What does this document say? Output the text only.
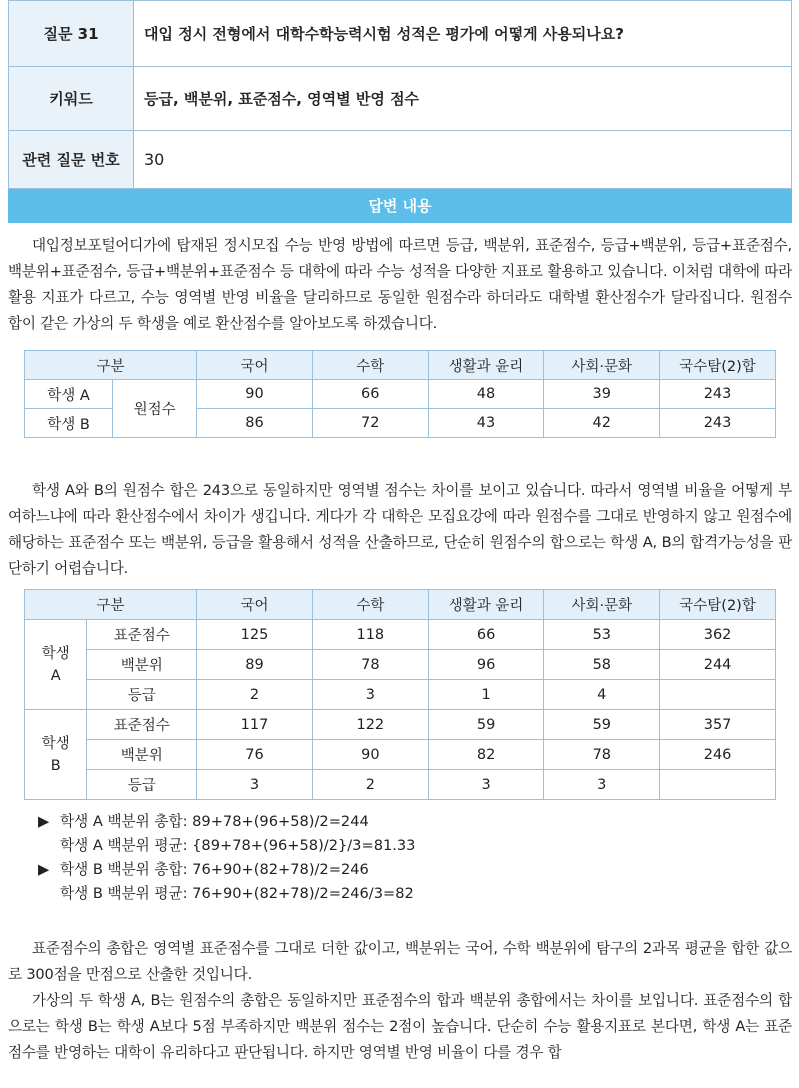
질문 31	대입 정시 전형에서 대학수학능력시험 성적은 평가에 어떻게 사용되나요?
키워드	등급, 백분위, 표준점수, 영역별 반영 점수
관련 질문 번호	30
답변 내용

대입정보포털어디가에 탑재된 정시모집 수능 반영 방법에 따르면 등급, 백분위, 표준점수, 등급+백분위, 등급+표준점수, 백분위+표준점수, 등급+백분위+표준점수 등 대학에 따라 수능 성적을 다양한 지표로 활용하고 있습니다. 이처럼 대학에 따라 활용 지표가 다르고, 수능 영역별 반영 비율을 달리하므로 동일한 원점수라 하더라도 대학별 환산점수가 달라집니다. 원점수 합이 같은 가상의 두 학생을 예로 환산점수를 알아보도록 하겠습니다.

구분		국어	수학	생활과 윤리	사회·문화	국수탐(2)합
학생 A	원점수	90	66	48	39	243
학생 B		86	72	43	42	243

학생 A와 B의 원점수 합은 243으로 동일하지만 영역별 점수는 차이를 보이고 있습니다. 따라서 영역별 비율을 어떻게 부여하느냐에 따라 환산점수에서 차이가 생깁니다. 게다가 각 대학은 모집요강에 따라 원점수를 그대로 반영하지 않고 원점수에 해당하는 표준점수 또는 백분위, 등급을 활용해서 성적을 산출하므로, 단순히 원점수의 합으로는 학생 A, B의 합격가능성을 판단하기 어렵습니다.

구분		국어	수학	생활과 윤리	사회·문화	국수탐(2)합
학생
A	표준점수	125	118	66	53	362
	백분위	89	78	96	58	244
	등급	2	3	1	4	
학생
B	표준점수	117	122	59	59	357
	백분위	76	90	82	78	246
	등급	3	2	3	3	
▶ 학생 A 백분위 총합: 89+78+(96+58)/2=244
학생 A 백분위 평균: {89+78+(96+58)/2}/3=81.33
▶ 학생 B 백분위 총합: 76+90+(82+78)/2=246
학생 B 백분위 평균: 76+90+(82+78)/2=246/3=82

표준점수의 총합은 영역별 표준점수를 그대로 더한 값이고, 백분위는 국어, 수학 백분위에 탐구의 2과목 평균을 합한 값으로 300점을 만점으로 산출한 것입니다.

가상의 두 학생 A, B는 원점수의 총합은 동일하지만 표준점수의 합과 백분위 총합에서는 차이를 보입니다. 표준점수의 합으로는 학생 B는 학생 A보다 5점 부족하지만 백분위 점수는 2점이 높습니다. 단순히 수능 활용지표로 본다면, 학생 A는 표준점수를 반영하는 대학이 유리하다고 판단됩니다. 하지만 영역별 반영 비율이 다를 경우 합
